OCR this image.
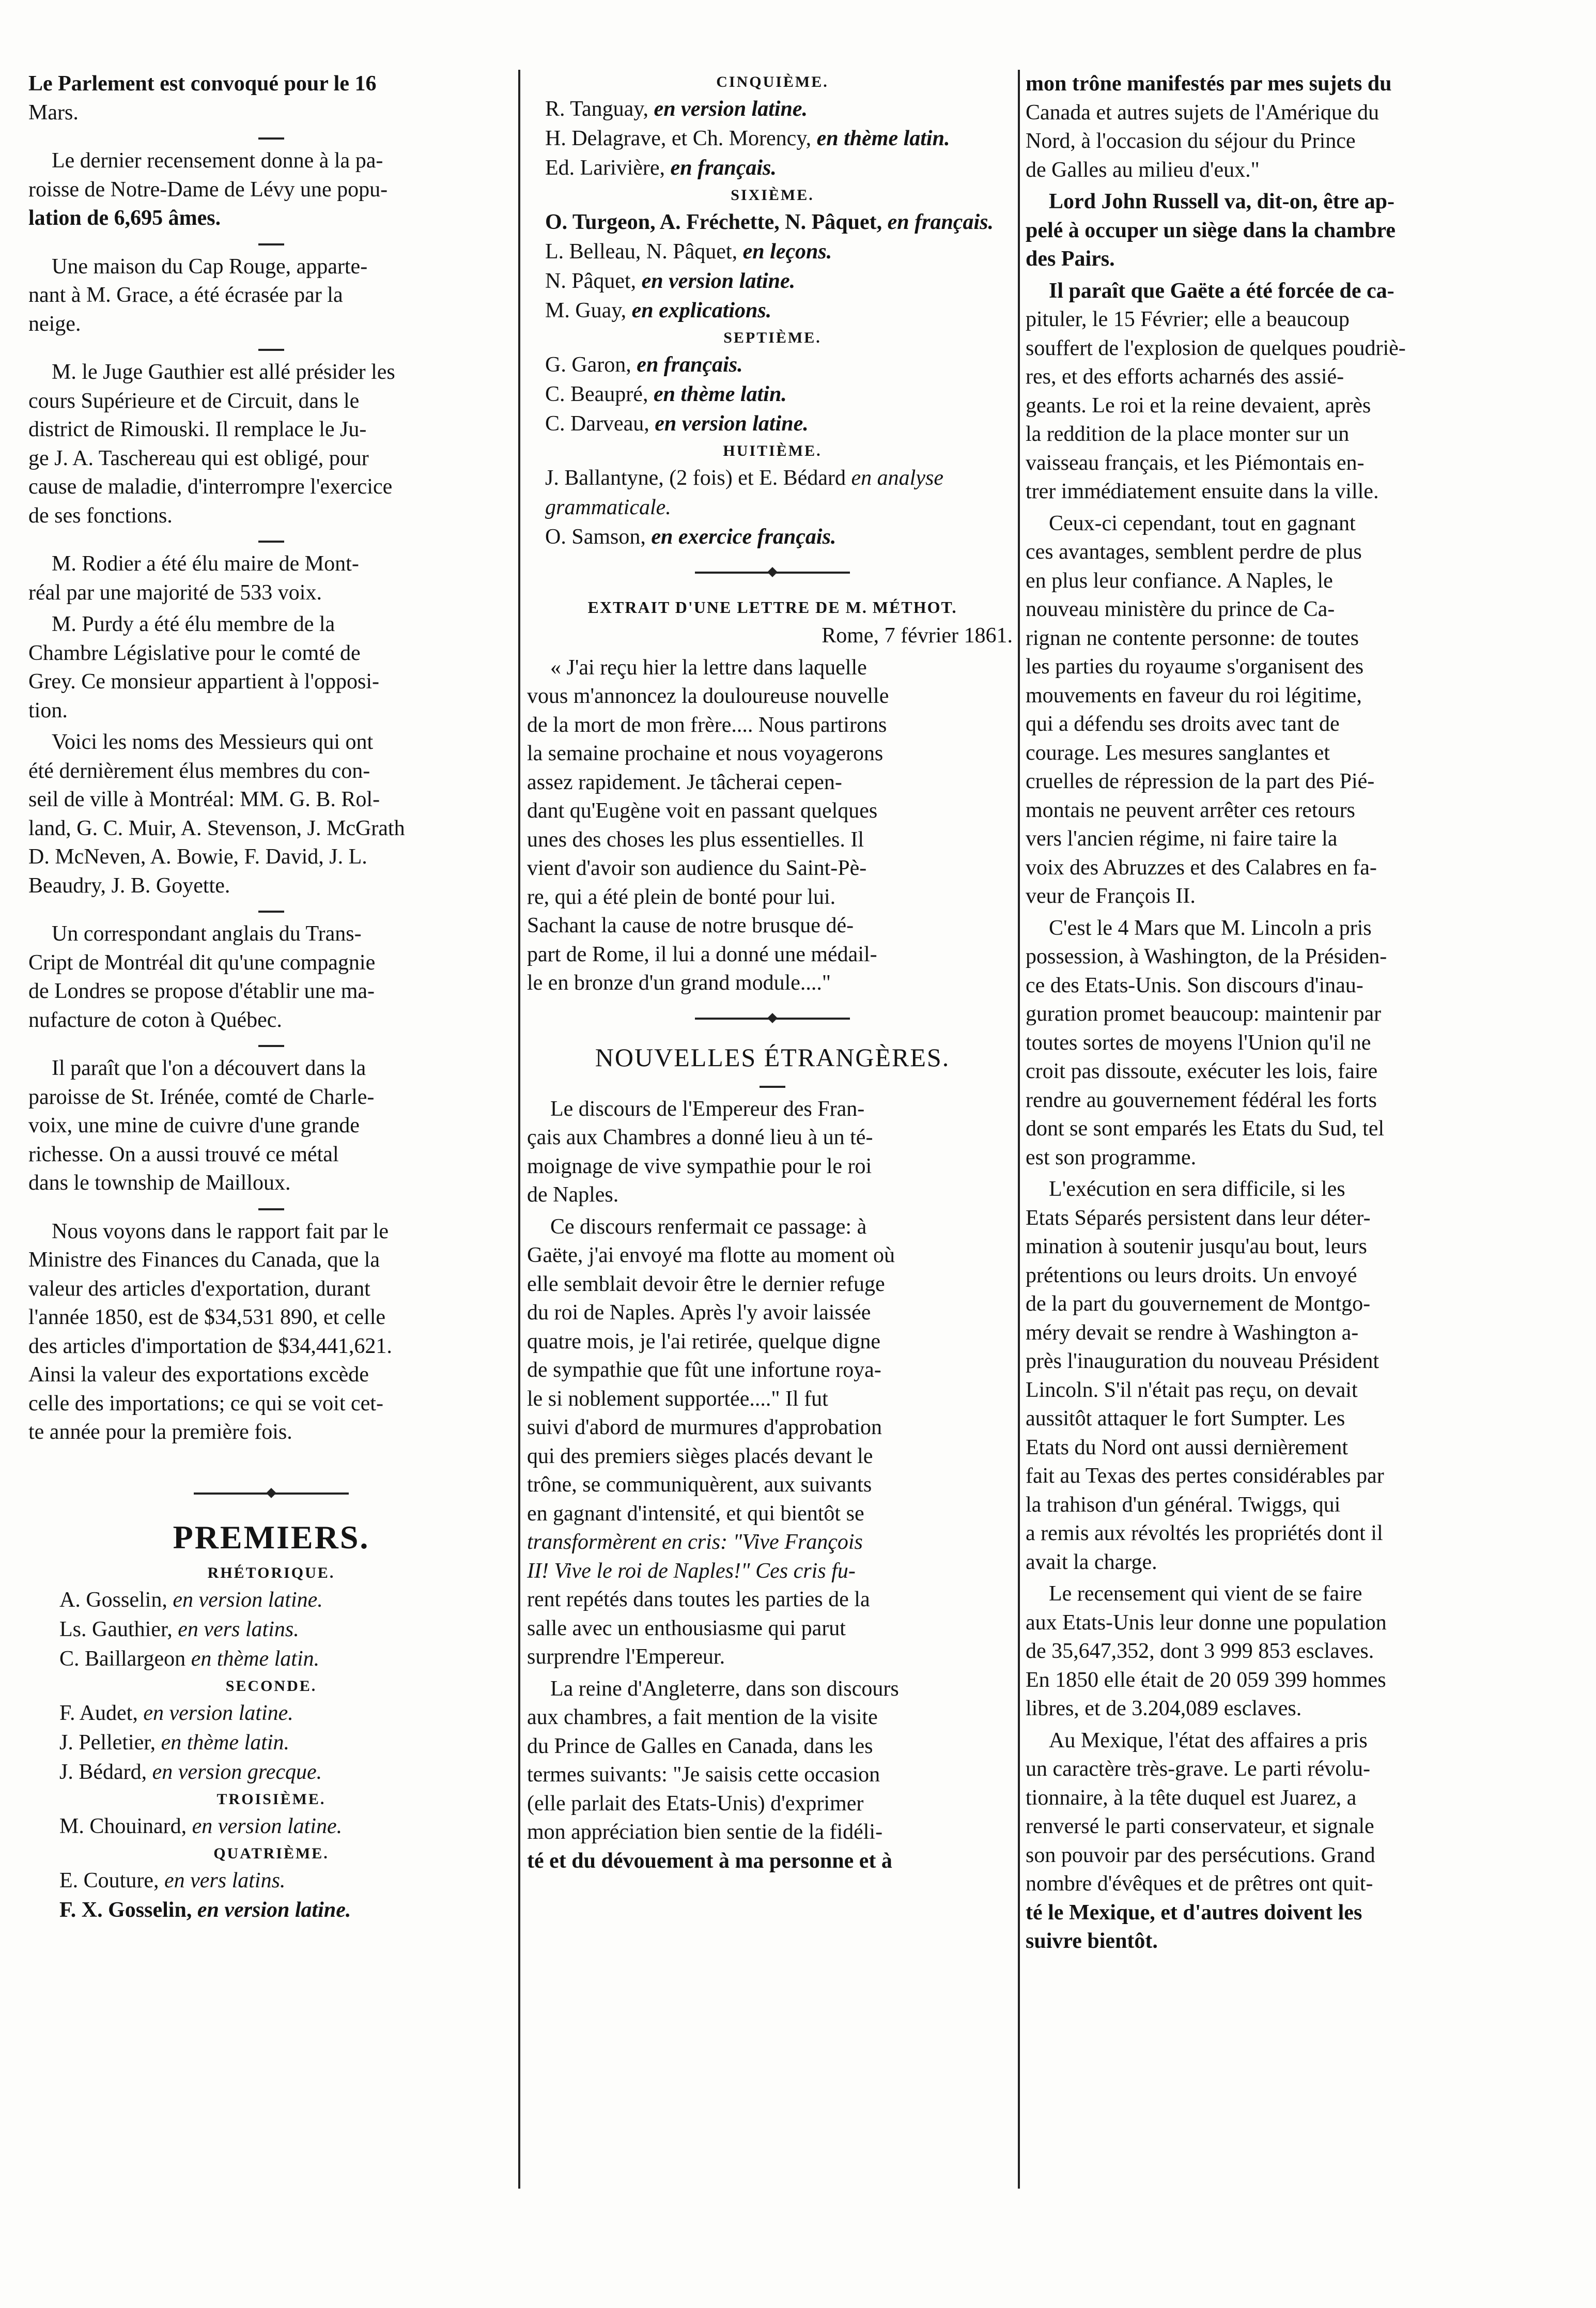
Le Parlement est convoqué pour le 16
Mars.
Le dernier recensement donne à la pa-
roisse de Notre-Dame de Lévy une popu-
lation de 6,695 âmes.
Une maison du Cap Rouge, apparte-
nant à M. Grace, a été écrasée par la
neige.
M. le Juge Gauthier est allé présider les
cours Supérieure et de Circuit, dans le
district de Rimouski. Il remplace le Ju-
ge J. A. Taschereau qui est obligé, pour
cause de maladie, d'interrompre l'exercice
de ses fonctions.
M. Rodier a été élu maire de Mont-
réal par une majorité de 533 voix.
M. Purdy a été élu membre de la
Chambre Législative pour le comté de
Grey. Ce monsieur appartient à l'opposi-
tion.
Voici les noms des Messieurs qui ont
été dernièrement élus membres du con-
seil de ville à Montréal: MM. G. B. Rol-
land, G. C. Muir, A. Stevenson, J. McGrath
D. McNeven, A. Bowie, F. David, J. L.
Beaudry, J. B. Goyette.
Un correspondant anglais du Trans-
Cript de Montréal dit qu'une compagnie
de Londres se propose d'établir une ma-
nufacture de coton à Québec.
Il paraît que l'on a découvert dans la
paroisse de St. Irénée, comté de Charle-
voix, une mine de cuivre d'une grande
richesse. On a aussi trouvé ce métal
dans le township de Mailloux.
Nous voyons dans le rapport fait par le
Ministre des Finances du Canada, que la
valeur des articles d'exportation, durant
l'année 1850, est de $34,531 890, et celle
des articles d'importation de $34,441,621.
Ainsi la valeur des exportations excède
celle des importations; ce qui se voit cet-
te année pour la première fois.
PREMIERS.
RHÉTORIQUE.
A. Gosselin, en version latine.
Ls. Gauthier, en vers latins.
C. Baillargeon en thème latin.
SECONDE.
F. Audet, en version latine.
J. Pelletier, en thème latin.
J. Bédard, en version grecque.
TROISIÈME.
M. Chouinard, en version latine.
QUATRIÈME.
E. Couture, en vers latins.
F. X. Gosselin, en version latine.
CINQUIÈME.
R. Tanguay, en version latine.
H. Delagrave, et Ch. Morency, en thème latin.
Ed. Larivière, en français.
SIXIÈME.
O. Turgeon, A. Fréchette, N. Pâquet, en français.
L. Belleau, N. Pâquet, en leçons.
N. Pâquet, en version latine.
M. Guay, en explications.
SEPTIÈME.
G. Garon, en français.
C. Beaupré, en thème latin.
C. Darveau, en version latine.
HUITIÈME.
J. Ballantyne, (2 fois) et E. Bédard en analyse grammaticale.
O. Samson, en exercice français.
EXTRAIT D'UNE LETTRE DE M. MÉTHOT.
Rome, 7 février 1861.
« J'ai reçu hier la lettre dans laquelle
vous m'annoncez la douloureuse nouvelle
de la mort de mon frère.... Nous partirons
la semaine prochaine et nous voyagerons
assez rapidement. Je tâcherai cepen-
dant qu'Eugène voit en passant quelques
unes des choses les plus essentielles. Il
vient d'avoir son audience du Saint-Pè-
re, qui a été plein de bonté pour lui.
Sachant la cause de notre brusque dé-
part de Rome, il lui a donné une médail-
le en bronze d'un grand module...."
NOUVELLES ÉTRANGÈRES.
Le discours de l'Empereur des Fran-
çais aux Chambres a donné lieu à un té-
moignage de vive sympathie pour le roi
de Naples.
Ce discours renfermait ce passage: à
Gaëte, j'ai envoyé ma flotte au moment où
elle semblait devoir être le dernier refuge
du roi de Naples. Après l'y avoir laissée
quatre mois, je l'ai retirée, quelque digne
de sympathie que fût une infortune roya-
le si noblement supportée...." Il fut
suivi d'abord de murmures d'approbation
qui des premiers sièges placés devant le
trône, se communiquèrent, aux suivants
en gagnant d'intensité, et qui bientôt se
transformèrent en cris: "Vive François
II! Vive le roi de Naples!" Ces cris fu-
rent repétés dans toutes les parties de la
salle avec un enthousiasme qui parut
surprendre l'Empereur.
La reine d'Angleterre, dans son discours
aux chambres, a fait mention de la visite
du Prince de Galles en Canada, dans les
termes suivants: "Je saisis cette occasion
(elle parlait des Etats-Unis) d'exprimer
mon appréciation bien sentie de la fidéli-
té et du dévouement à ma personne et à
mon trône manifestés par mes sujets du
Canada et autres sujets de l'Amérique du
Nord, à l'occasion du séjour du Prince
de Galles au milieu d'eux."
Lord John Russell va, dit-on, être ap-
pelé à occuper un siège dans la chambre
des Pairs.
Il paraît que Gaëte a été forcée de ca-
pituler, le 15 Février; elle a beaucoup
souffert de l'explosion de quelques poudriè-
res, et des efforts acharnés des assié-
geants. Le roi et la reine devaient, après
la reddition de la place monter sur un
vaisseau français, et les Piémontais en-
trer immédiatement ensuite dans la ville.
Ceux-ci cependant, tout en gagnant
ces avantages, semblent perdre de plus
en plus leur confiance. A Naples, le
nouveau ministère du prince de Ca-
rignan ne contente personne: de toutes
les parties du royaume s'organisent des
mouvements en faveur du roi légitime,
qui a défendu ses droits avec tant de
courage. Les mesures sanglantes et
cruelles de répression de la part des Pié-
montais ne peuvent arrêter ces retours
vers l'ancien régime, ni faire taire la
voix des Abruzzes et des Calabres en fa-
veur de François II.
C'est le 4 Mars que M. Lincoln a pris
possession, à Washington, de la Présiden-
ce des Etats-Unis. Son discours d'inau-
guration promet beaucoup: maintenir par
toutes sortes de moyens l'Union qu'il ne
croit pas dissoute, exécuter les lois, faire
rendre au gouvernement fédéral les forts
dont se sont emparés les Etats du Sud, tel
est son programme.
L'exécution en sera difficile, si les
Etats Séparés persistent dans leur déter-
mination à soutenir jusqu'au bout, leurs
prétentions ou leurs droits. Un envoyé
de la part du gouvernement de Montgo-
méry devait se rendre à Washington a-
près l'inauguration du nouveau Président
Lincoln. S'il n'était pas reçu, on devait
aussitôt attaquer le fort Sumpter. Les
Etats du Nord ont aussi dernièrement
fait au Texas des pertes considérables par
la trahison d'un général. Twiggs, qui
a remis aux révoltés les propriétés dont il
avait la charge.
Le recensement qui vient de se faire
aux Etats-Unis leur donne une population
de 35,647,352, dont 3 999 853 esclaves.
En 1850 elle était de 20 059 399 hommes
libres, et de 3.204,089 esclaves.
Au Mexique, l'état des affaires a pris
un caractère très-grave. Le parti révolu-
tionnaire, à la tête duquel est Juarez, a
renversé le parti conservateur, et signale
son pouvoir par des persécutions. Grand
nombre d'évêques et de prêtres ont quit-
té le Mexique, et d'autres doivent les
suivre bientôt.
